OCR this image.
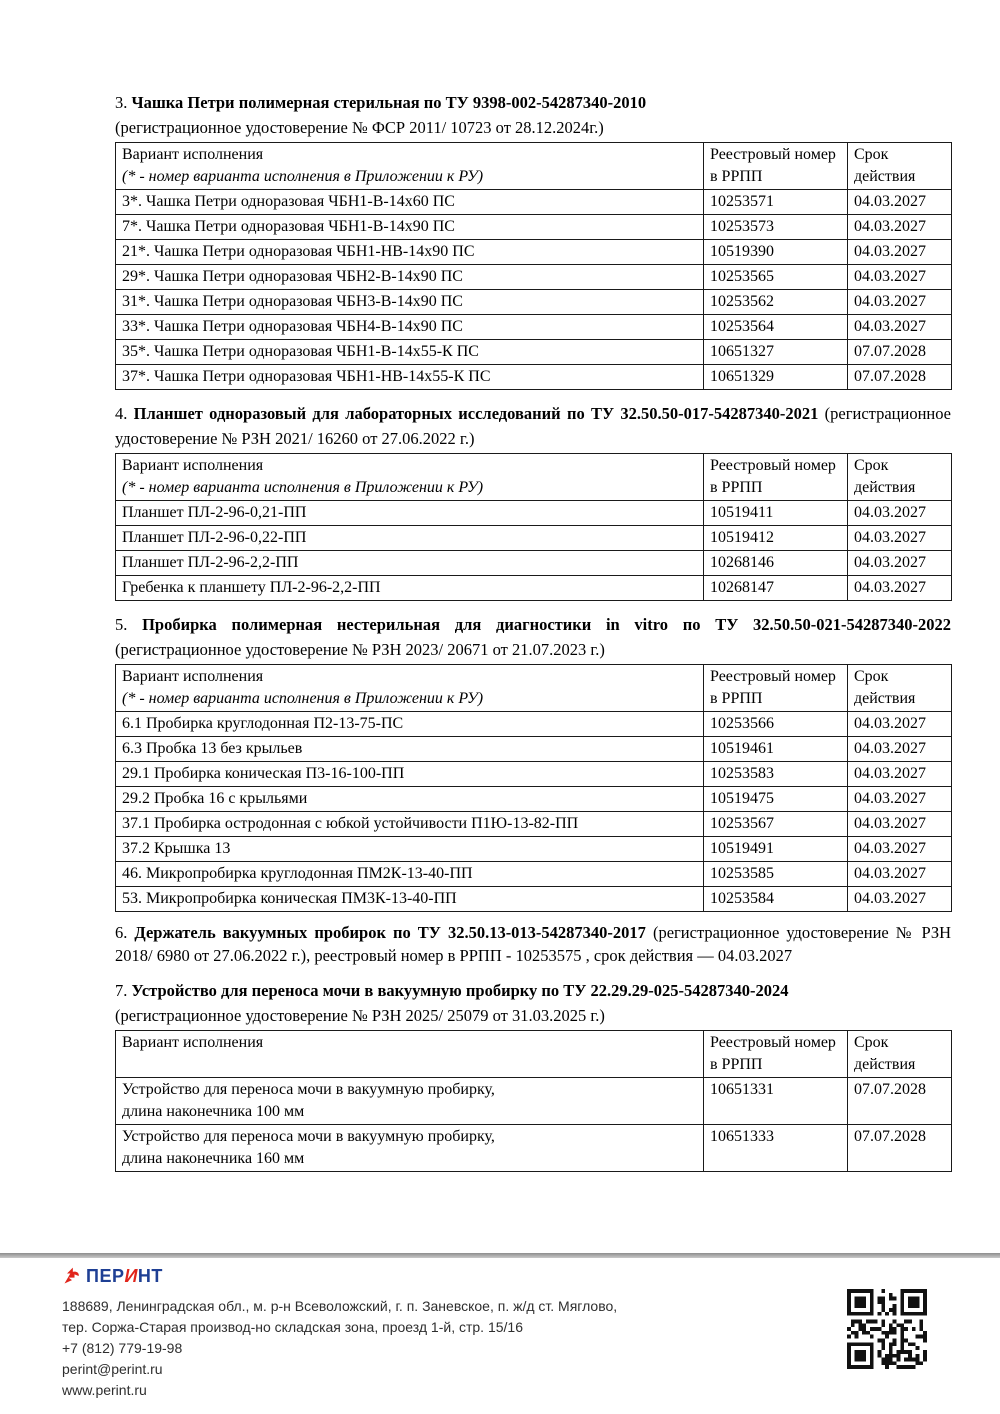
3. Чашка Петри полимерная стерильная по ТУ 9398-002-54287340-2010
(регистрационное удостоверение № ФСР 2011/ 10723 от 28.12.2024г.)

Вариант исполнения
(* - номер варианта исполнения в Приложении к РУ)	Реестровый номер в РРПП	Срок действия
3*. Чашка Петри одноразовая ЧБН1-В-14х60 ПС	10253571	04.03.2027
7*. Чашка Петри одноразовая ЧБН1-В-14х90 ПС	10253573	04.03.2027
21*. Чашка Петри одноразовая ЧБН1-НВ-14х90 ПС	10519390	04.03.2027
29*. Чашка Петри одноразовая ЧБН2-В-14х90 ПС	10253565	04.03.2027
31*. Чашка Петри одноразовая ЧБН3-В-14х90 ПС	10253562	04.03.2027
33*. Чашка Петри одноразовая ЧБН4-В-14х90 ПС	10253564	04.03.2027
35*. Чашка Петри одноразовая ЧБН1-В-14х55-К ПС	10651327	07.07.2028
37*. Чашка Петри одноразовая ЧБН1-НВ-14х55-К ПС	10651329	07.07.2028

4. Планшет одноразовый для лабораторных исследований по ТУ 32.50.50-017-54287340-2021 (регистрационное удостоверение № РЗН 2021/ 16260 от 27.06.2022 г.)

Вариант исполнения
(* - номер варианта исполнения в Приложении к РУ)	Реестровый номер в РРПП	Срок действия
Планшет ПЛ-2-96-0,21-ПП	10519411	04.03.2027
Планшет ПЛ-2-96-0,22-ПП	10519412	04.03.2027
Планшет ПЛ-2-96-2,2-ПП	10268146	04.03.2027
Гребенка к планшету ПЛ-2-96-2,2-ПП	10268147	04.03.2027

5. Пробирка полимерная нестерильная для диагностики in vitro по ТУ 32.50.50-021-54287340-2022 (регистрационное удостоверение № РЗН 2023/ 20671 от 21.07.2023 г.)

Вариант исполнения
(* - номер варианта исполнения в Приложении к РУ)	Реестровый номер в РРПП	Срок действия
6.1 Пробирка круглодонная П2-13-75-ПС	10253566	04.03.2027
6.3 Пробка 13 без крыльев	10519461	04.03.2027
29.1 Пробирка коническая П3-16-100-ПП	10253583	04.03.2027
29.2 Пробка 16 с крыльями	10519475	04.03.2027
37.1 Пробирка остродонная с юбкой устойчивости П1Ю-13-82-ПП	10253567	04.03.2027
37.2 Крышка 13	10519491	04.03.2027
46. Микропробирка круглодонная ПМ2К-13-40-ПП	10253585	04.03.2027
53. Микропробирка коническая ПМ3К-13-40-ПП	10253584	04.03.2027

6. Держатель вакуумных пробирок по ТУ 32.50.13-013-54287340-2017 (регистрационное удостоверение № РЗН 2018/ 6980 от 27.06.2022 г.), реестровый номер в РРПП - 10253575 , срок действия — 04.03.2027

7. Устройство для переноса мочи в вакуумную пробирку по ТУ 22.29.29-025-54287340-2024
(регистрационное удостоверение № РЗН 2025/ 25079 от 31.03.2025 г.)

Вариант исполнения	Реестровый номер в РРПП	Срок действия

Устройство для переноса мочи в вакуумную пробирку,
длина наконечника 100 мм	10651331	07.07.2028

Устройство для переноса мочи в вакуумную пробирку,
длина наконечника 160 мм	10651333	07.07.2028
ПЕРИНТ
188689, Ленинградская обл., м. р-н Всеволожский, г. п. Заневское, п. ж/д ст. Мяглово,
тер. Соржа-Старая производ-но складская зона, проезд 1-й, стр. 15/16
+7 (812) 779-19-98
perint@perint.ru
www.perint.ru
